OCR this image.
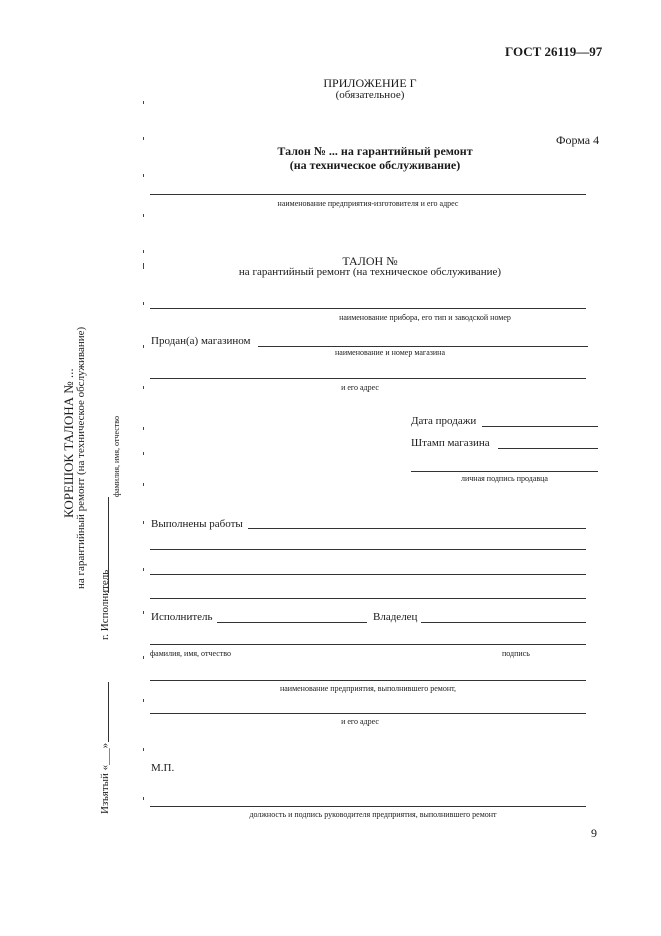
ГОСТ 26119—97
ПРИЛОЖЕНИЕ Г
(обязательное)
Форма 4
Талон № ... на гарантийный ремонт
(на техническое обслуживание)
наименование предприятия-изготовителя и его адрес
ТАЛОН №
на гарантийный ремонт (на техническое обслуживание)
наименование прибора, его тип и заводской номер
Продан(а) магазином
наименование и номер магазина
и его адрес
Дата продажи
Штамп магазина
личная подпись продавца
Выполнены работы
Исполнитель	Владелец
фамилия, имя, отчество	подпись
наименование предприятия, выполнившего ремонт,
и его адрес
М.П.
должность и подпись руководителя предприятия, выполнившего ремонт
9
КОРЕШОК ТАЛОНА № ... на гарантийный ремонт (на техническое обслуживание)
Изъятый «___»
г. Исполнитель
фамилия, имя, отчество
